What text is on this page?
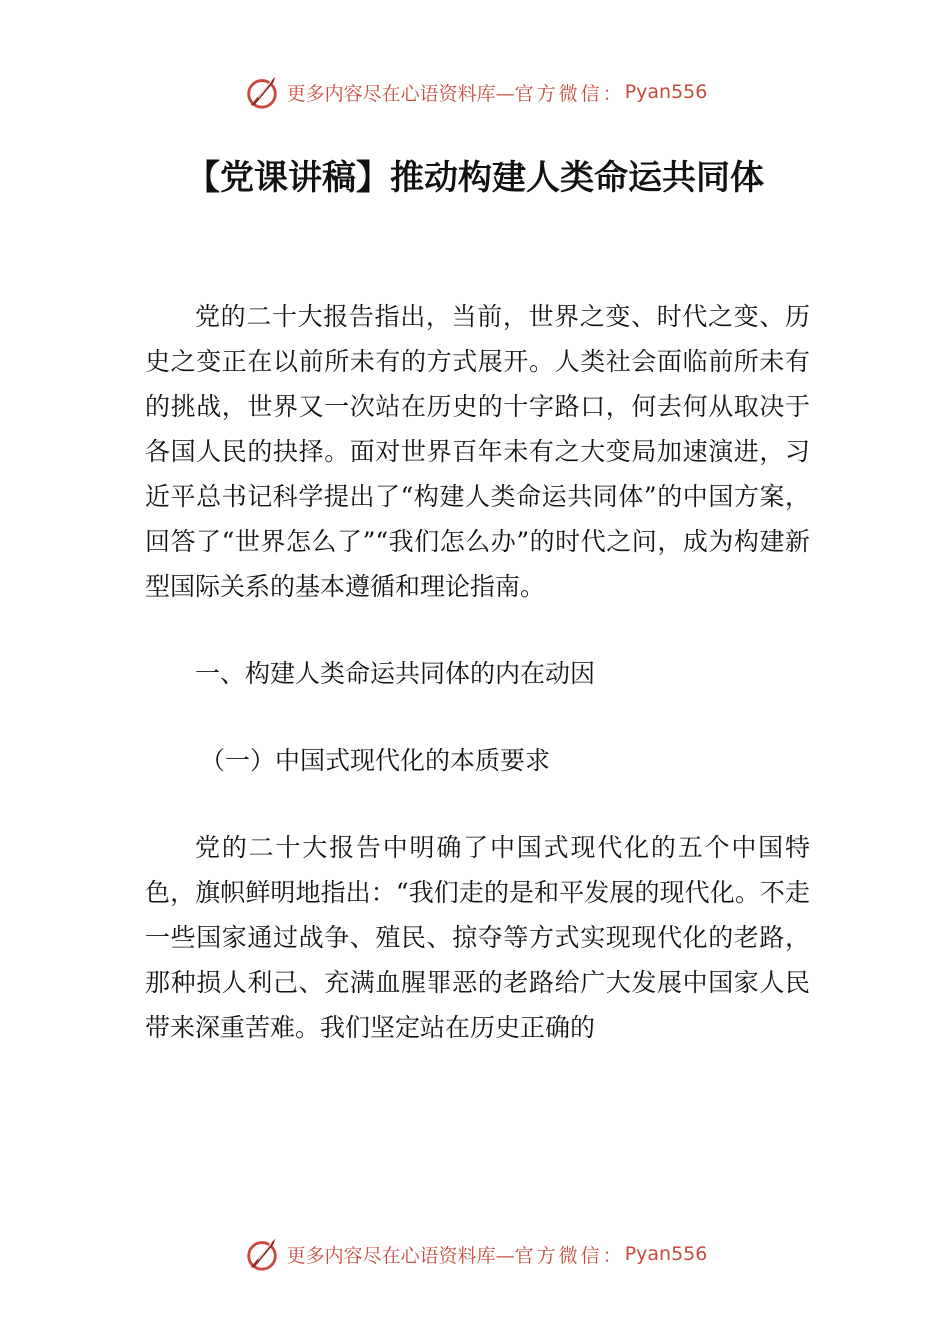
更多内容尽在心语资料库— 官方微信： Pyan556
【党课讲稿】推动构建人类命运共同体

党的二十大报告指出，当前，世界之变、时代之变、历史之变正在以前所未有的方式展开。人类社会面临前所未有的挑战，世界又一次站在历史的十字路口，何去何从取决于各国人民的抉择。面对世界百年未有之大变局加速演进，习近平总书记科学提出了“构建人类命运共同体”的中国方案，回答了“世界怎么了”“我们怎么办”的时代之问，成为构建新型国际关系的基本遵循和理论指南。

一、构建人类命运共同体的内在动因

（一）中国式现代化的本质要求

党的二十大报告中明确了中国式现代化的五个中国特色，旗帜鲜明地指出：“我们走的是和平发展的现代化。不走一些国家通过战争、殖民、掠夺等方式实现现代化的老路，那种损人利己、充满血腥罪恶的老路给广大发展中国家人民带来深重苦难。我们坚定站在历史正确的

更多内容尽在心语资料库— 官方微信： Pyan556
